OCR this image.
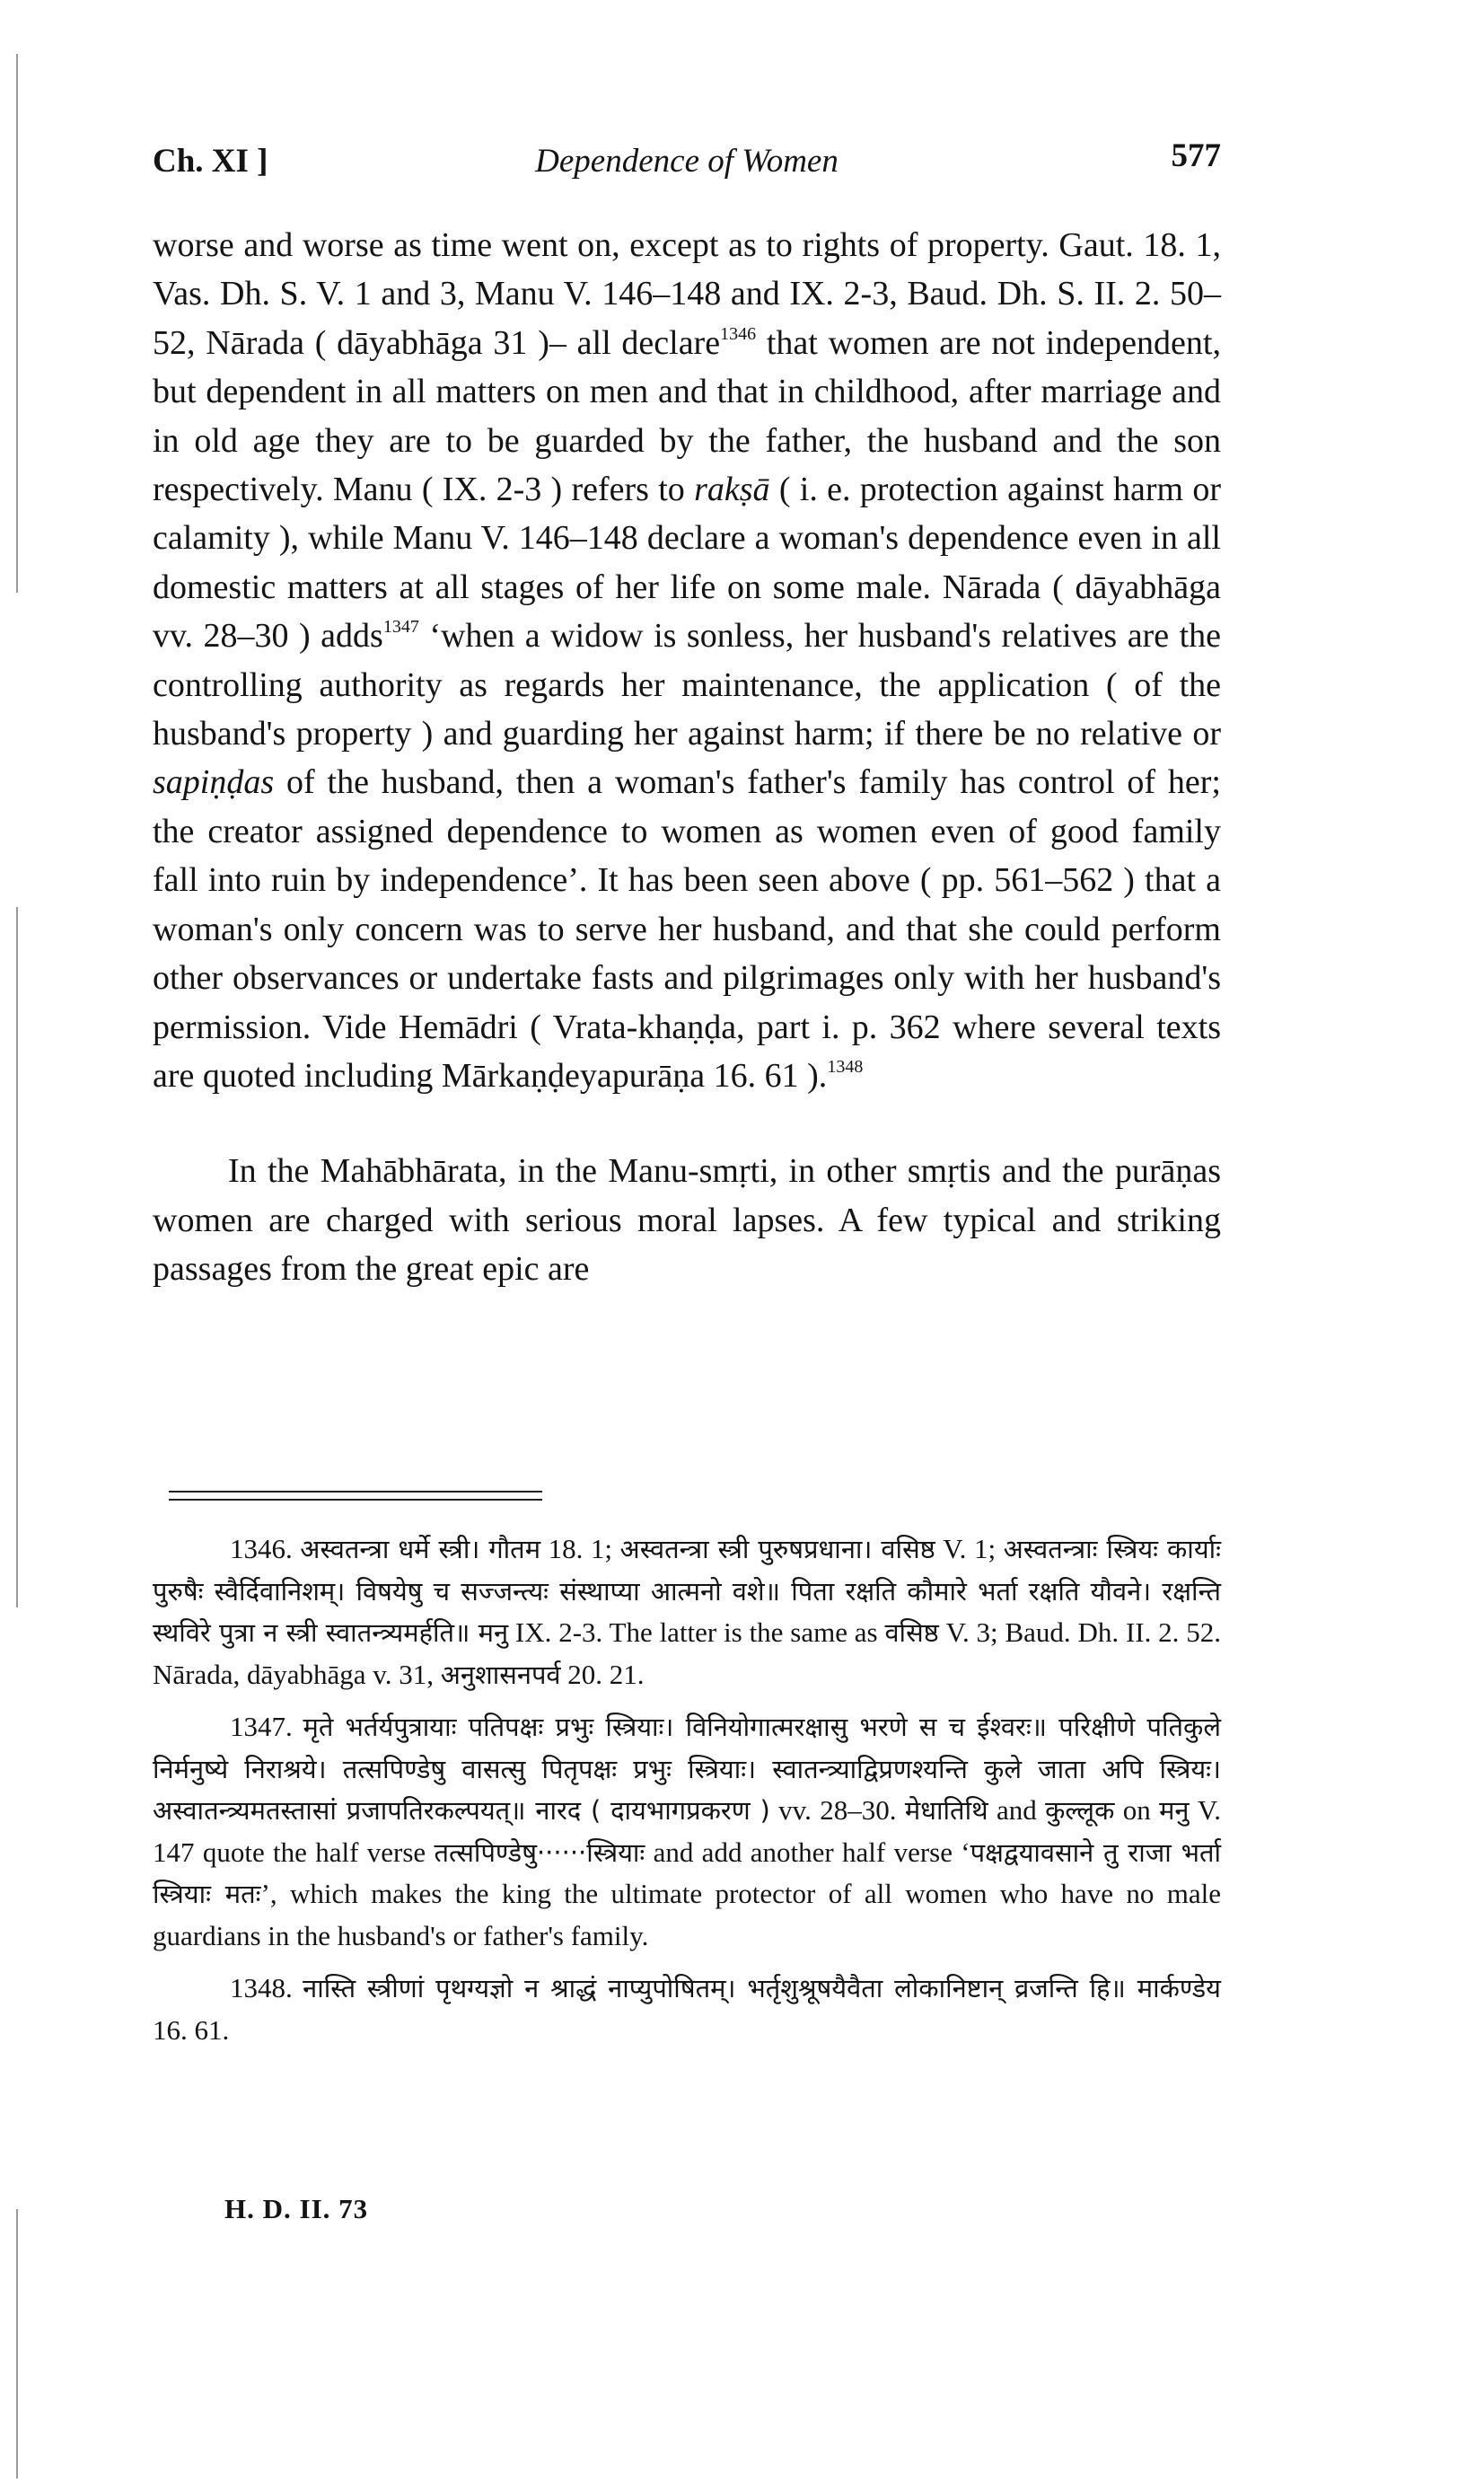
Ch. XI ]	Dependence of Women	577

worse and worse as time went on, except as to rights of property. Gaut. 18. 1, Vas. Dh. S. V. 1 and 3, Manu V. 146–148 and IX. 2-3, Baud. Dh. S. II. 2. 50–52, Nārada ( dāyabhāga 31 )– all declare$^{1346}$ that women are not independent, but dependent in all matters on men and that in childhood, after marriage and in old age they are to be guarded by the father, the husband and the son respectively. Manu ( IX. 2-3 ) refers to rakṣā ( i. e. protection against harm or calamity ), while Manu V. 146–148 declare a woman's dependence even in all domestic matters at all stages of her life on some male. Nārada ( dāyabhāga vv. 28–30 ) adds$^{1347}$ ‘when a widow is sonless, her husband's relatives are the controlling authority as regards her maintenance, the application ( of the husband's property ) and guarding her against harm; if there be no relative or sapiṇḍas of the husband, then a woman's father's family has control of her; the creator assigned dependence to women as women even of good family fall into ruin by independence’. It has been seen above ( pp. 561–562 ) that a woman's only concern was to serve her husband, and that she could perform other observances or undertake fasts and pilgrimages only with her husband's permission. Vide Hemādri ( Vrata-khaṇḍa, part i. p. 362 where several texts are quoted including Mārkaṇḍeyapurāṇa 16. 61 ).$^{1348}$

In the Mahābhārata, in the Manu-smṛti, in other smṛtis and the purāṇas women are charged with serious moral lapses. A few typical and striking passages from the great epic are

1346. अस्वतन्त्रा धर्मे स्त्री। गौतम 18. 1; अस्वतन्त्रा स्त्री पुरुषप्रधाना। वसिष्ठ V. 1; अस्वतन्त्राः स्त्रियः कार्याः पुरुषैः स्वैर्दिवानिशम्। विषयेषु च सज्जन्त्यः संस्थाप्या आत्मनो वशे॥ पिता रक्षति कौमारे भर्ता रक्षति यौवने। रक्षन्ति स्थविरे पुत्रा न स्त्री स्वातन्त्र्यमर्हति॥ मनु IX. 2-3. The latter is the same as वसिष्ठ V. 3; Baud. Dh. II. 2. 52. Nārada, dāyabhāga v. 31, अनुशासनपर्व 20. 21.

1347. मृते भर्तर्यपुत्रायाः पतिपक्षः प्रभुः स्त्रियाः। विनियोगात्मरक्षासु भरणे स च ईश्वरः॥ परिक्षीणे पतिकुले निर्मनुष्ये निराश्रये। तत्सपिण्डेषु वासत्सु पितृपक्षः प्रभुः स्त्रियाः। स्वातन्त्र्याद्विप्रणश्यन्ति कुले जाता अपि स्त्रियः। अस्वातन्त्र्यमतस्तासां प्रजापतिरकल्पयत्॥ नारद ( दायभागप्रकरण ) vv. 28–30. मेधातिथि and कुल्लूक on मनु V. 147 quote the half verse तत्सपिण्डेषु······स्त्रियाः and add another half verse ‘पक्षद्वयावसाने तु राजा भर्ता स्त्रियाः मतः’, which makes the king the ultimate protector of all women who have no male guardians in the husband's or father's family.

1348. नास्ति स्त्रीणां पृथग्यज्ञो न श्राद्धं नाप्युपोषितम्। भर्तृशुश्रूषयैवैता लोकानिष्टान् व्रजन्ति हि॥ मार्कण्डेय 16. 61.

H. D. II. 73
